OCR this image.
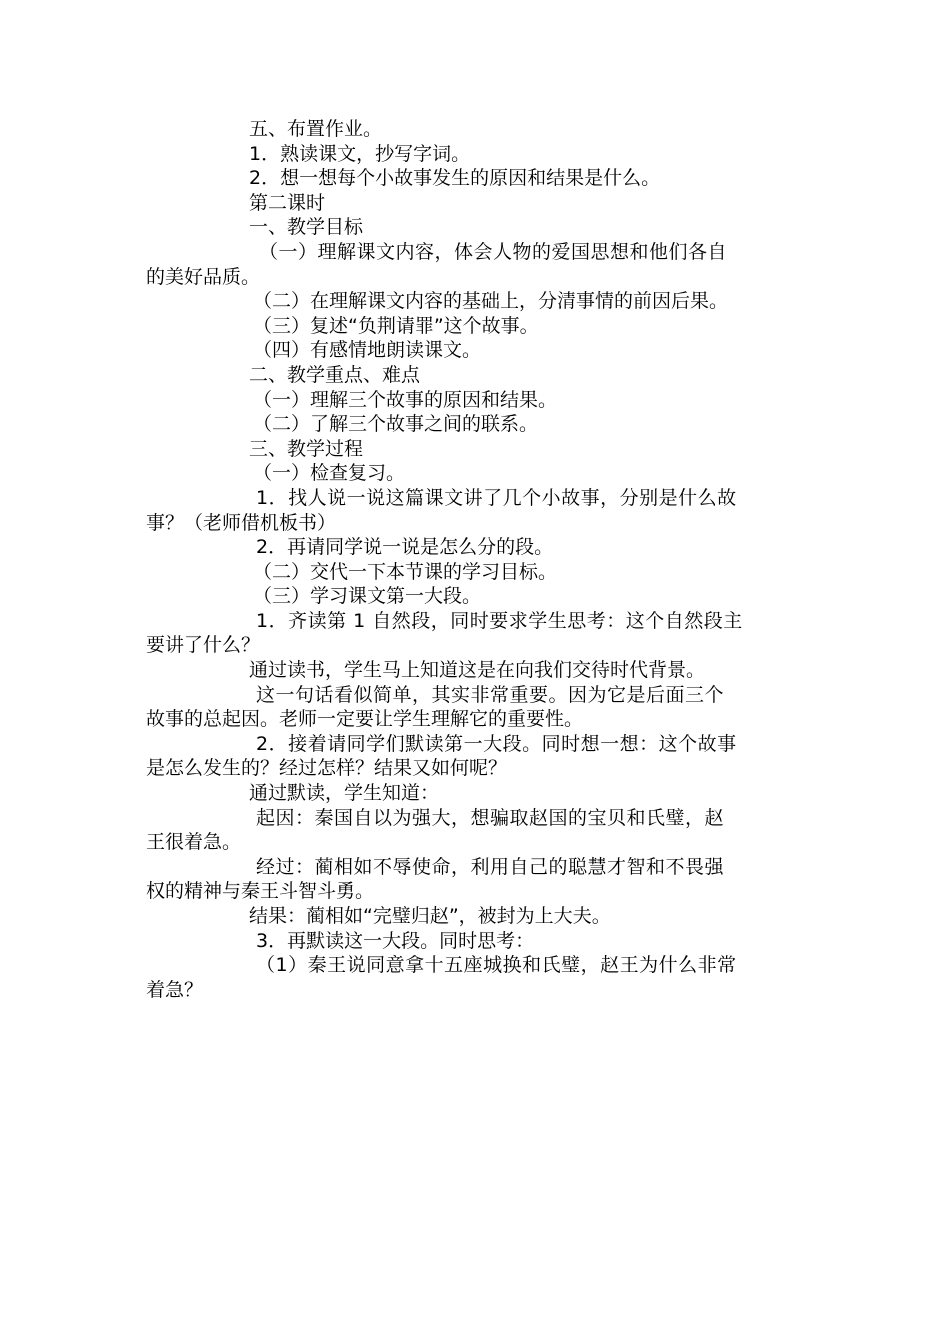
五、布置作业。

1．熟读课文，抄写字词。

2．想一想每个小故事发生的原因和结果是什么。

第二课时

一、教学目标

（一）理解课文内容，体会人物的爱国思想和他们各自

的美好品质。

（二）在理解课文内容的基础上，分清事情的前因后果。

（三）复述“负荆请罪”这个故事。

（四）有感情地朗读课文。

二、教学重点、难点

（一）理解三个故事的原因和结果。

（二）了解三个故事之间的联系。

三、教学过程

（一）检查复习。

1．找人说一说这篇课文讲了几个小故事，分别是什么故

事？（老师借机板书）

2．再请同学说一说是怎么分的段。

（二）交代一下本节课的学习目标。

（三）学习课文第一大段。

1．齐读第 1 自然段，同时要求学生思考：这个自然段主

要讲了什么？

通过读书，学生马上知道这是在向我们交待时代背景。

这一句话看似简单，其实非常重要。因为它是后面三个

故事的总起因。老师一定要让学生理解它的重要性。

2．接着请同学们默读第一大段。同时想一想：这个故事

是怎么发生的？经过怎样？结果又如何呢？

通过默读，学生知道：

起因：秦国自以为强大，想骗取赵国的宝贝和氏璧，赵

王很着急。

经过：蔺相如不辱使命，利用自己的聪慧才智和不畏强

权的精神与秦王斗智斗勇。

结果：蔺相如“完璧归赵”，被封为上大夫。

3．再默读这一大段。同时思考：

（1）秦王说同意拿十五座城换和氏璧，赵王为什么非常

着急？
